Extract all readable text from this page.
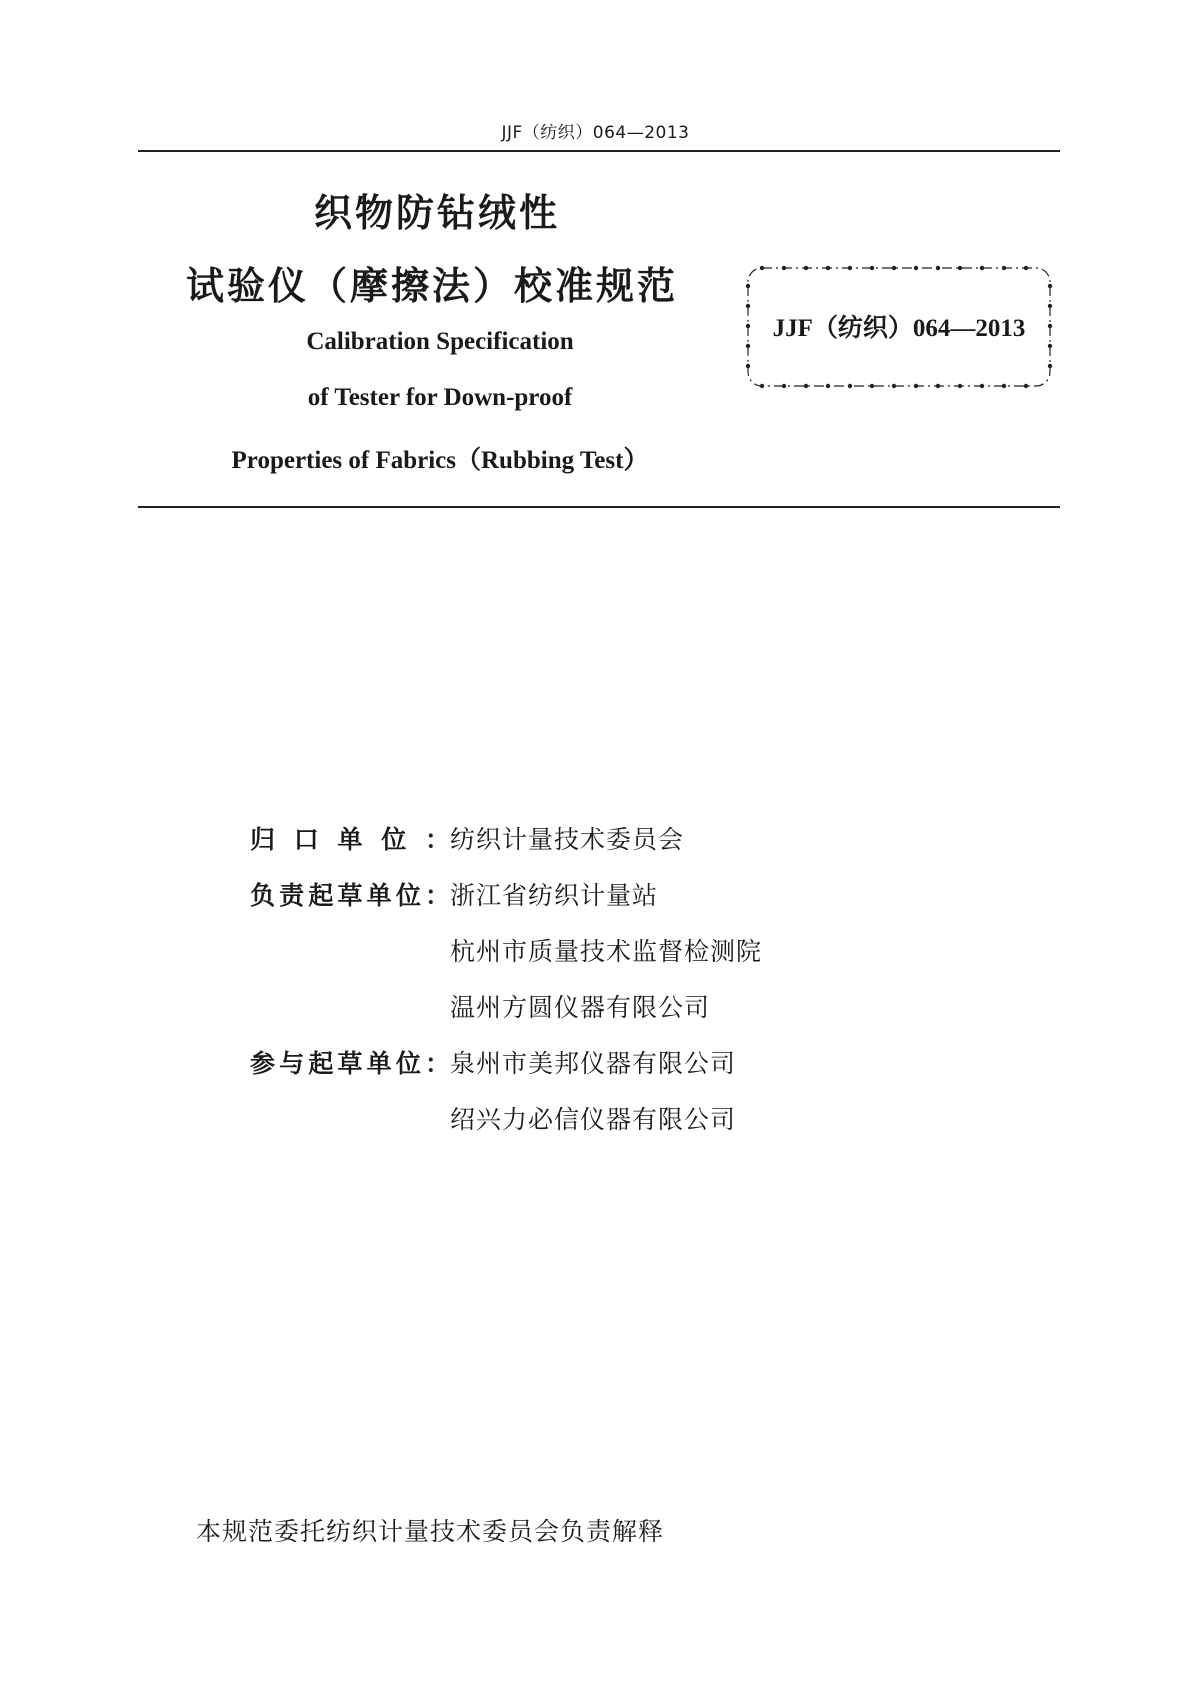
JJF（纺织）064—2013
织物防钻绒性
试验仪（摩擦法）校准规范
Calibration Specification
of Tester for Down-proof
Properties of Fabrics（Rubbing Test）
JJF（纺织）064—2013
归口单位： 纺织计量技术委员会
负责起草单位： 浙江省纺织计量站
杭州市质量技术监督检测院
温州方圆仪器有限公司
参与起草单位： 泉州市美邦仪器有限公司
绍兴力必信仪器有限公司
本规范委托纺织计量技术委员会负责解释
